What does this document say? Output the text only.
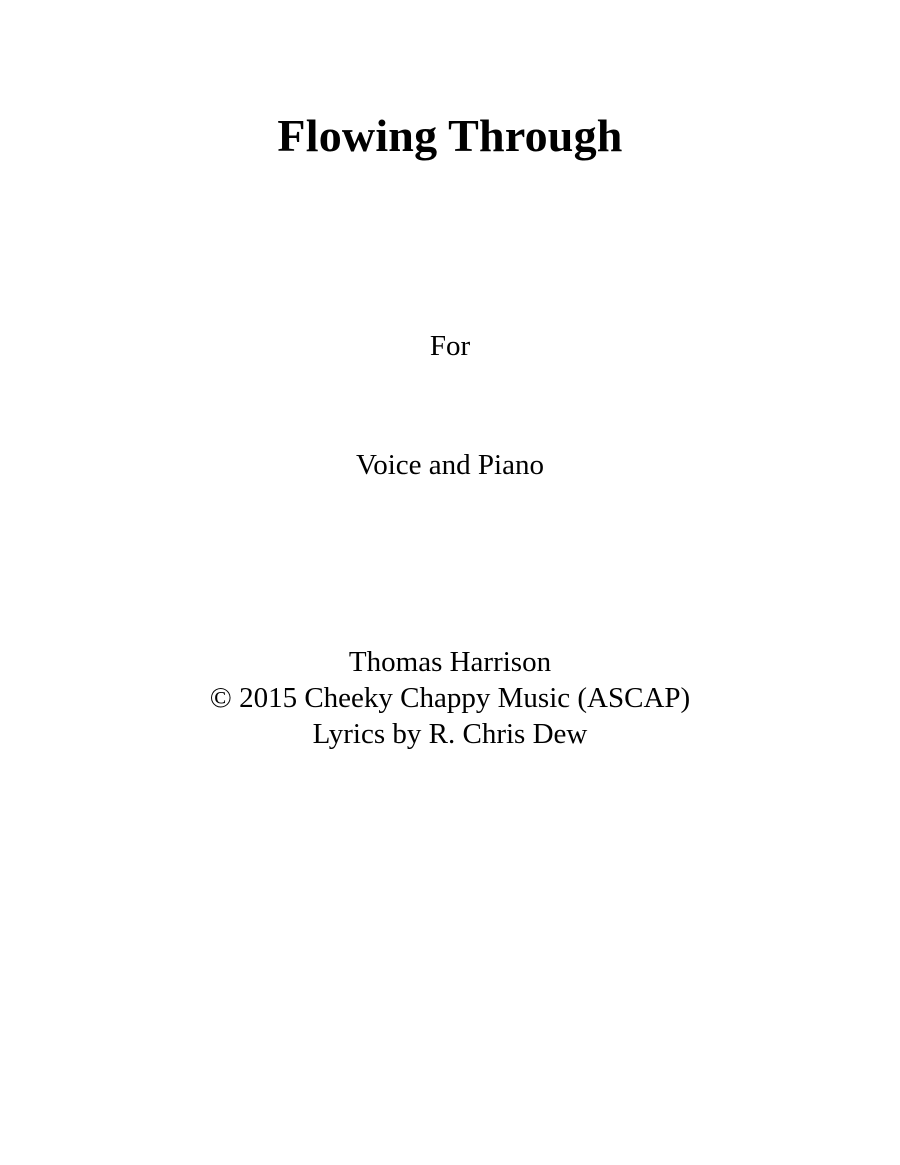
Flowing Through

For

Voice and Piano

Thomas Harrison
© 2015 Cheeky Chappy Music (ASCAP)
Lyrics by R. Chris Dew
